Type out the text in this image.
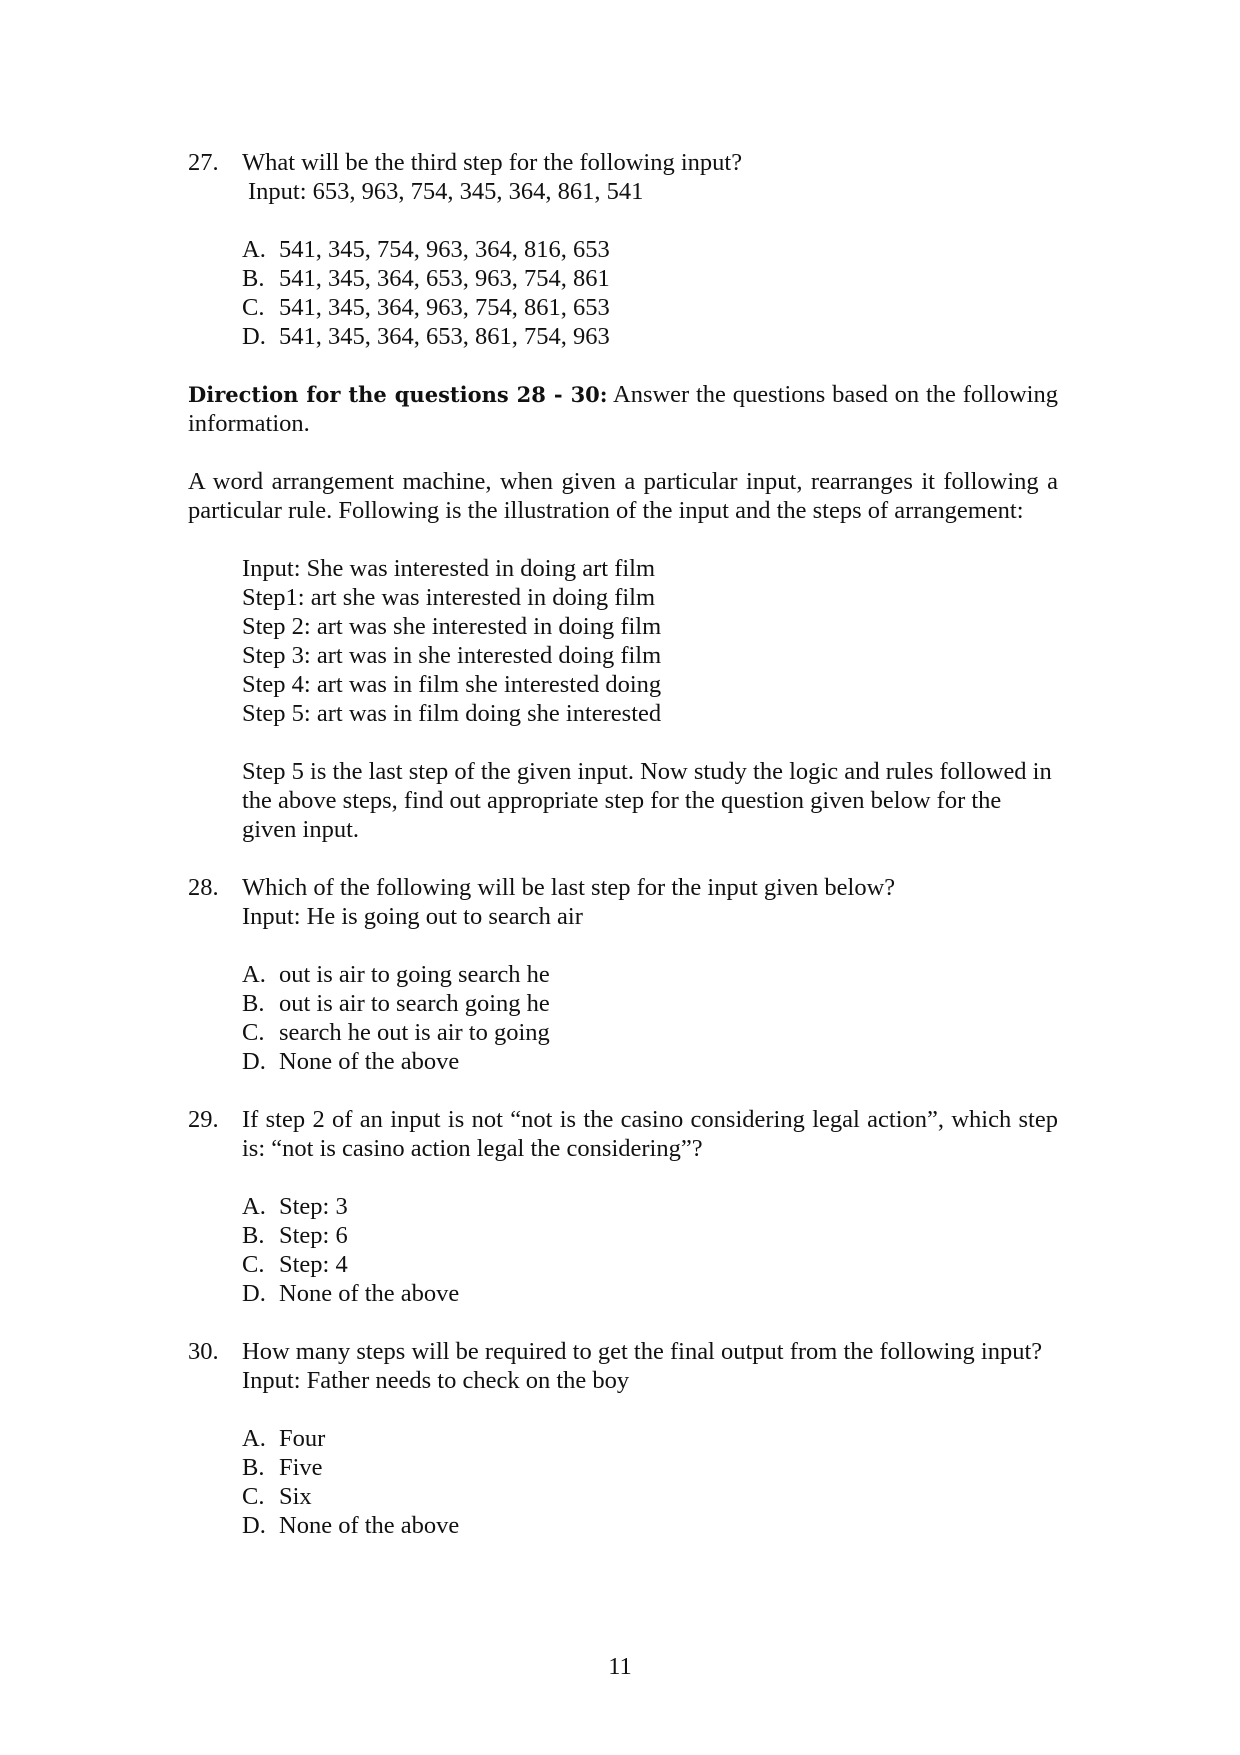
27. What will be the third step for the following input?
Input: 653, 963, 754, 345, 364, 861, 541
A. 541, 345, 754, 963, 364, 816, 653
B. 541, 345, 364, 653, 963, 754, 861
C. 541, 345, 364, 963, 754, 861, 653
D. 541, 345, 364, 653, 861, 754, 963
Direction for the questions 28 - 30: Answer the questions based on the following information.
A word arrangement machine, when given a particular input, rearranges it following a particular rule. Following is the illustration of the input and the steps of arrangement:
Input: She was interested in doing art film
Step1: art she was interested in doing film
Step 2: art was she interested in doing film
Step 3: art was in she interested doing film
Step 4: art was in film she interested doing
Step 5: art was in film doing she interested
Step 5 is the last step of the given input. Now study the logic and rules followed in the above steps, find out appropriate step for the question given below for the given input.
28. Which of the following will be last step for the input given below?
Input: He is going out to search air
A. out is air to going search he
B. out is air to search going he
C. search he out is air to going
D. None of the above
29. If step 2 of an input is not “not is the casino considering legal action”, which step is: “not is casino action legal the considering”?
A. Step: 3
B. Step: 6
C. Step: 4
D. None of the above
30. How many steps will be required to get the final output from the following input?
Input: Father needs to check on the boy
A. Four
B. Five
C. Six
D. None of the above
11
